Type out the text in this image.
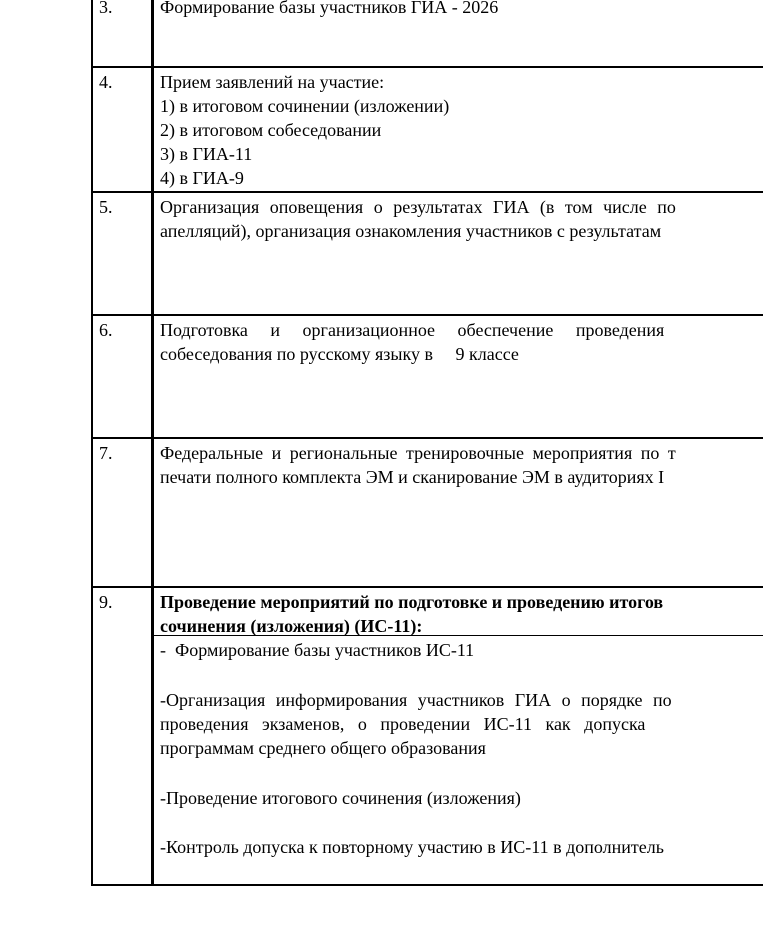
3.	Формирование базы участников ГИА - 2026
4.	Прием заявлений на участие:
1) в итоговом сочинении (изложении)
2) в итоговом собеседовании
3) в ГИА-11
4) в ГИА-9
5.	Организация оповещения о результатах ГИА (в том числе по
апелляций), организация ознакомления участников с результатам
6.	Подготовка и организационное обеспечение проведения
собеседования по русскому языку в     9 классе
7.	Федеральные и региональные тренировочные мероприятия по т
печати полного комплекта ЭМ и сканирование ЭМ в аудиториях I
9.	Проведение мероприятий по подготовке и проведению итогов
сочинения (изложения) (ИС-11):
-  Формирование базы участников ИС-11
-Организация информирования участников ГИА о порядке по
проведения экзаменов, о проведении ИС-11 как допуска
программам среднего общего образования
-Проведение итогового сочинения (изложения)
-Контроль допуска к повторному участию в ИС-11 в дополнитель
